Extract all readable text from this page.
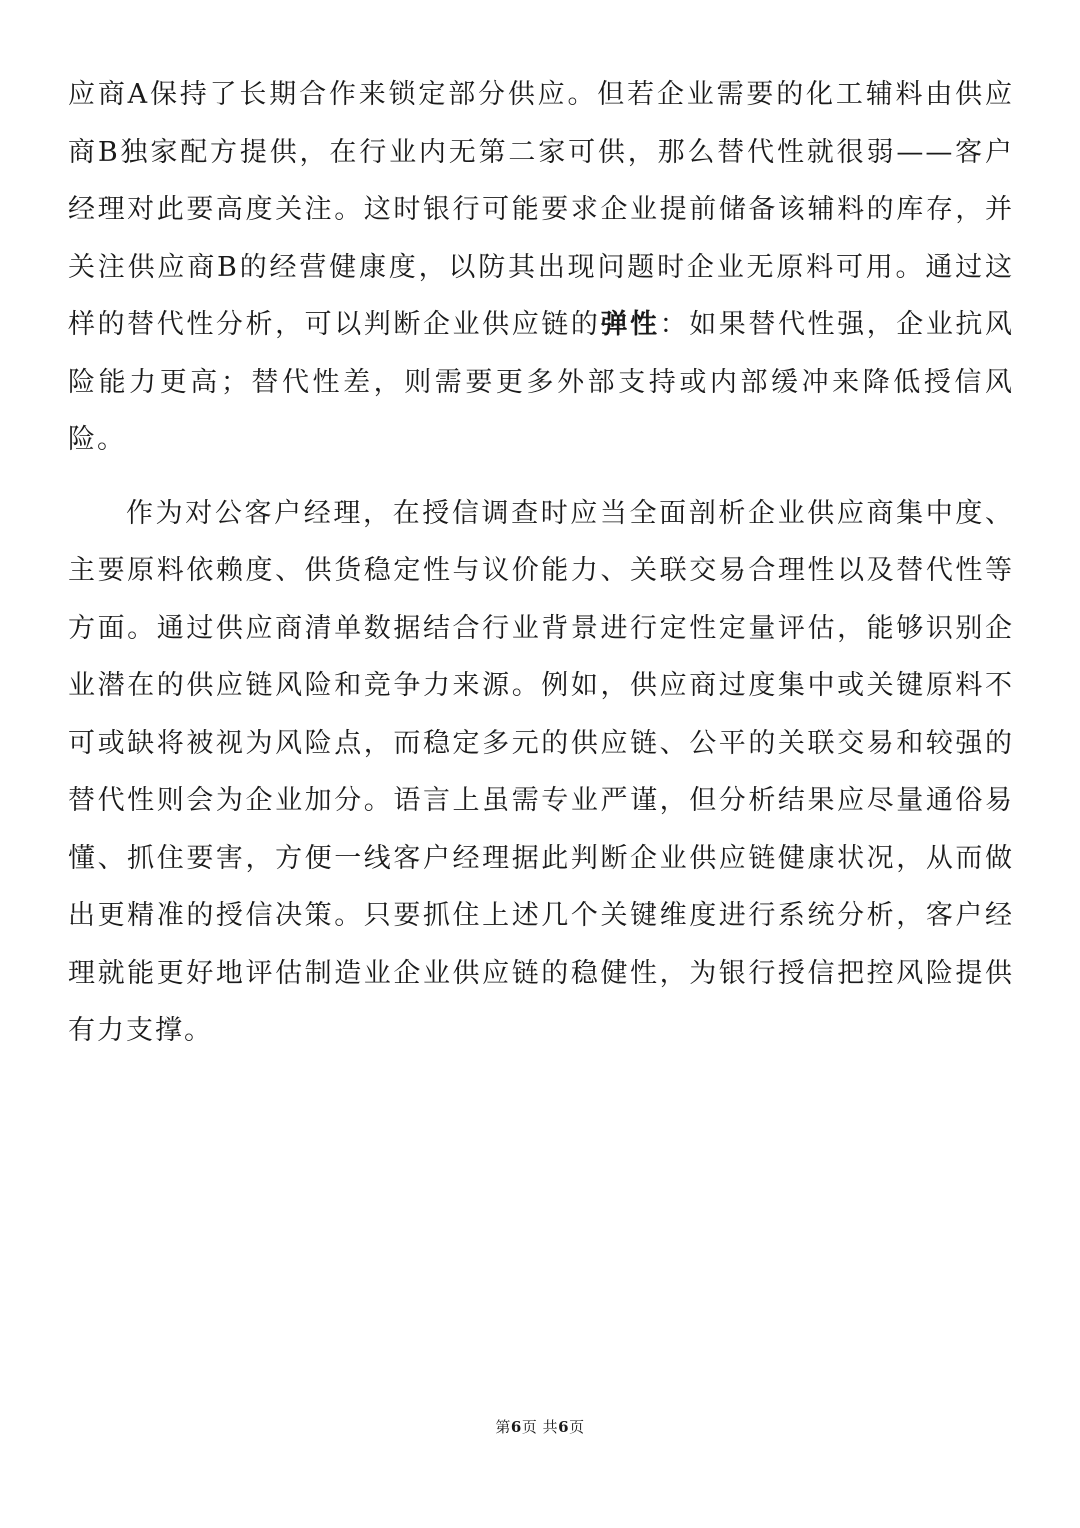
应商A保持了长期合作来锁定部分供应。但若企业需要的化工辅料由供应商B独家配方提供，在行业内无第二家可供，那么替代性就很弱——客户经理对此要高度关注。这时银行可能要求企业提前储备该辅料的库存，并关注供应商B的经营健康度，以防其出现问题时企业无原料可用。通过这样的替代性分析，可以判断企业供应链的弹性：如果替代性强，企业抗风险能力更高；替代性差，则需要更多外部支持或内部缓冲来降低授信风险。

作为对公客户经理，在授信调查时应当全面剖析企业供应商集中度、主要原料依赖度、供货稳定性与议价能力、关联交易合理性以及替代性等方面。通过供应商清单数据结合行业背景进行定性定量评估，能够识别企业潜在的供应链风险和竞争力来源。例如，供应商过度集中或关键原料不可或缺将被视为风险点，而稳定多元的供应链、公平的关联交易和较强的替代性则会为企业加分。语言上虽需专业严谨，但分析结果应尽量通俗易懂、抓住要害，方便一线客户经理据此判断企业供应链健康状况，从而做出更精准的授信决策。只要抓住上述几个关键维度进行系统分析，客户经理就能更好地评估制造业企业供应链的稳健性，为银行授信把控风险提供有力支撑。

第6页 共6页
